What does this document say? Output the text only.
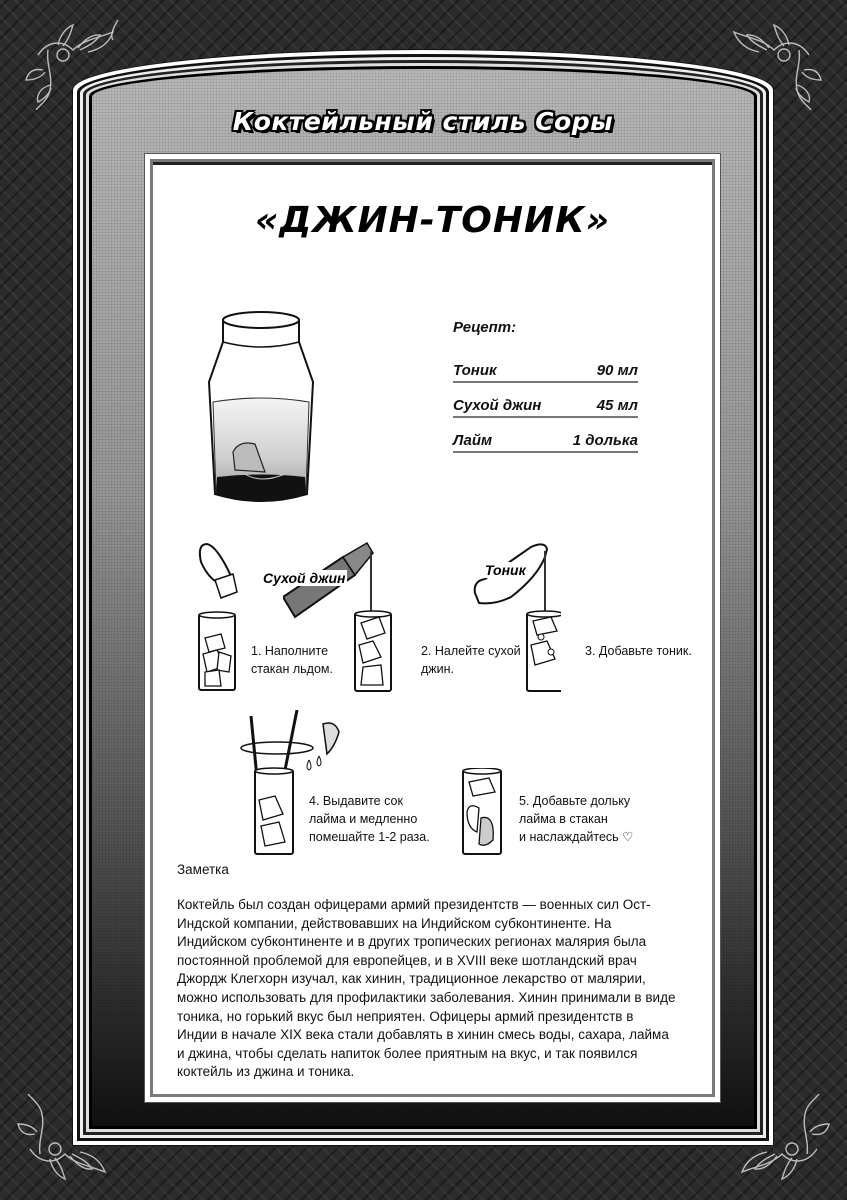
Коктейльный стиль Соры
«ДЖИН-ТОНИК»
Рецепт:
Тоник	90 мл
Сухой джин	45 мл
Лайм	1 долька
1. Наполните
стакан льдом.
Сухой джин
2. Налейте сухой
джин.
Тоник
3. Добавьте тоник.
4. Выдавите сок
лайма и медленно
помешайте 1-2 раза.
5. Добавьте дольку
лайма в стакан
и наслаждайтесь ♡
Заметка
Коктейль был создан офицерами армий президентств — военных сил Ост-Индской компании, действовавших на Индийском субконтиненте. На Индийском субконтиненте и в других тропических регионах малярия была постоянной проблемой для европейцев, и в XVIII веке шотландский врач Джордж Клегхорн изучал, как хинин, традиционное лекарство от малярии, можно использовать для профилактики заболевания. Хинин принимали в виде тоника, но горький вкус был неприятен. Офицеры армий президентств в Индии в начале XIX века стали добавлять в хинин смесь воды, сахара, лайма и джина, чтобы сделать напиток более приятным на вкус, и так появился коктейль из джина и тоника.
